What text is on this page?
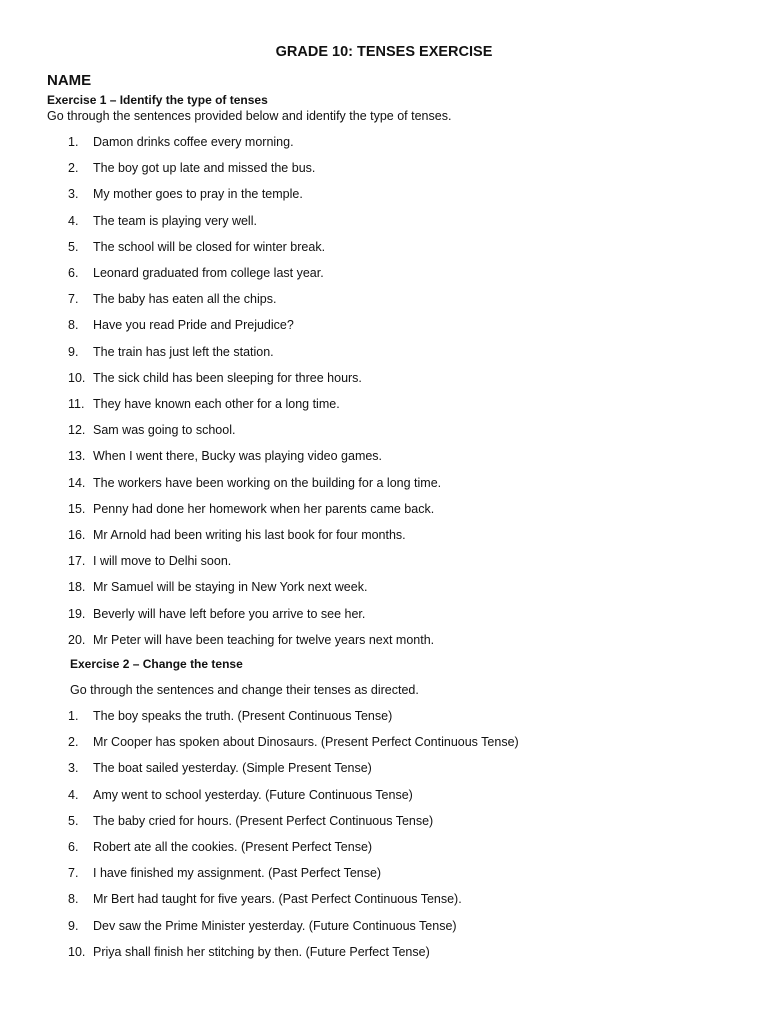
GRADE 10: TENSES EXERCISE
NAME
Exercise 1 – Identify the type of tenses
Go through the sentences provided below and identify the type of tenses.
1.	Damon drinks coffee every morning.
2.	The boy got up late and missed the bus.
3.	My mother goes to pray in the temple.
4.	The team is playing very well.
5.	The school will be closed for winter break.
6.	Leonard graduated from college last year.
7.	The baby has eaten all the chips.
8.	Have you read Pride and Prejudice?
9.	The train has just left the station.
10. The sick child has been sleeping for three hours.
11. They have known each other for a long time.
12. Sam was going to school.
13. When I went there, Bucky was playing video games.
14. The workers have been working on the building for a long time.
15. Penny had done her homework when her parents came back.
16. Mr Arnold had been writing his last book for four months.
17. I will move to Delhi soon.
18. Mr Samuel will be staying in New York next week.
19. Beverly will have left before you arrive to see her.
20. Mr Peter will have been teaching for twelve years next month.
Exercise 2 – Change the tense
Go through the sentences and change their tenses as directed.
1.	The boy speaks the truth. (Present Continuous Tense)
2.	Mr Cooper has spoken about Dinosaurs. (Present Perfect Continuous Tense)
3.	The boat sailed yesterday. (Simple Present Tense)
4.	Amy went to school yesterday. (Future Continuous Tense)
5.	The baby cried for hours. (Present Perfect Continuous Tense)
6.	Robert ate all the cookies. (Present Perfect Tense)
7.	I have finished my assignment. (Past Perfect Tense)
8.	Mr Bert had taught for five years. (Past Perfect Continuous Tense).
9.	Dev saw the Prime Minister yesterday. (Future Continuous Tense)
10. Priya shall finish her stitching by then. (Future Perfect Tense)
